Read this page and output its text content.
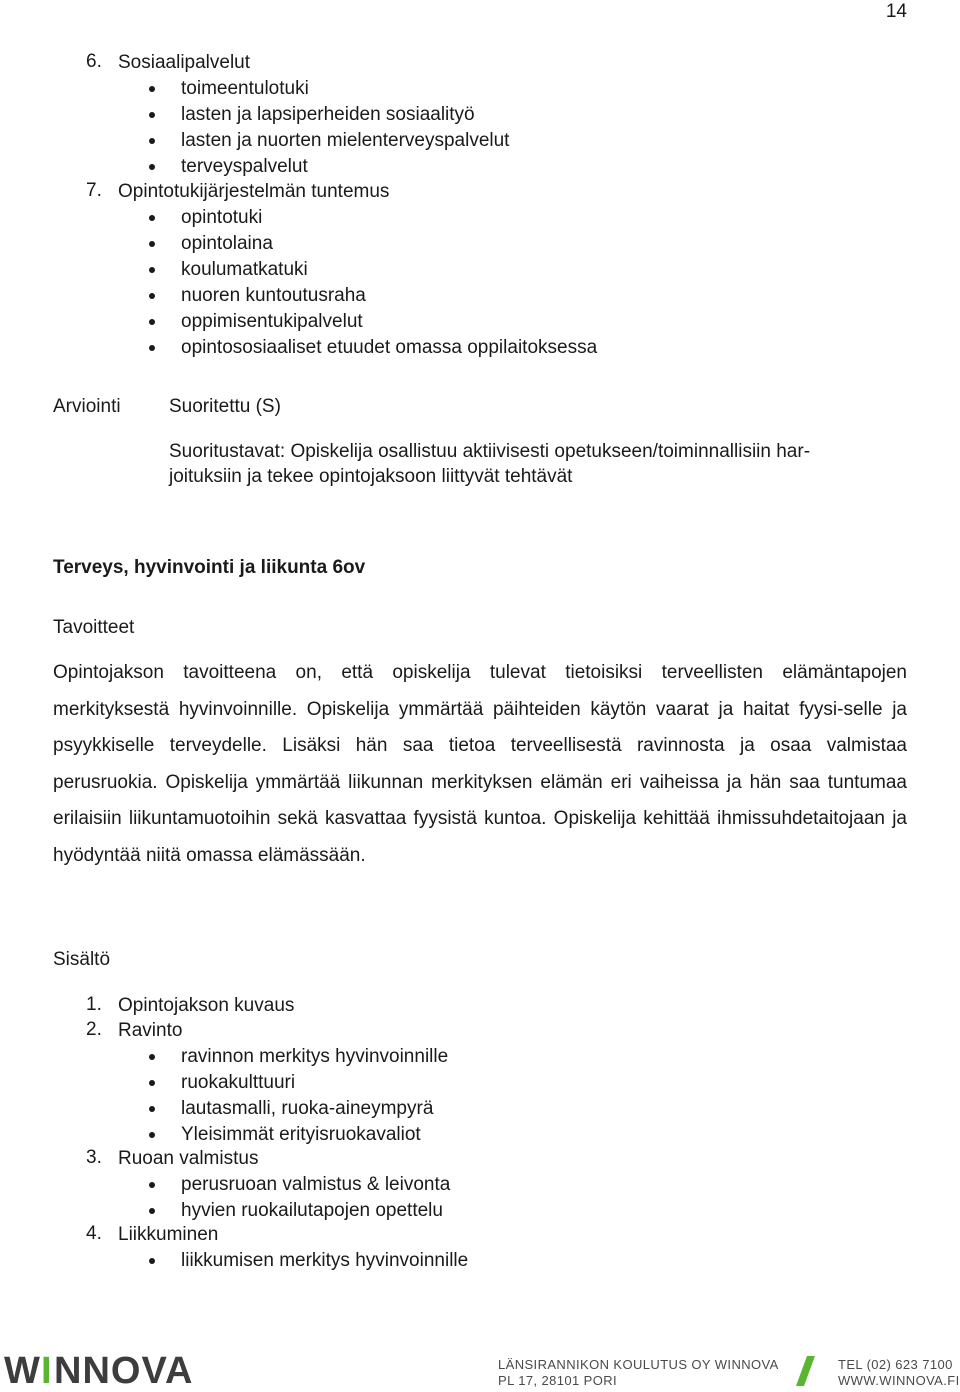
14
6. Sosiaalipalvelut
toimeentulotuki
lasten ja lapsiperheiden sosiaalityö
lasten ja nuorten mielenterveyspalvelut
terveyspalvelut
7. Opintotukijärjestelmän tuntemus
opintotuki
opintolaina
koulumatkatuki
nuoren kuntoutusraha
oppimisentukipalvelut
opintososiaaliset etuudet omassa oppilaitoksessa
Arviointi	Suoritettu (S)
Suoritustavat: Opiskelija osallistuu aktiivisesti opetukseen/toiminnallisiin har-
joituksiin ja tekee opintojaksoon liittyvät tehtävät
Terveys, hyvinvointi ja liikunta 6ov
Tavoitteet
Opintojakson tavoitteena on, että opiskelija tulevat tietoisiksi terveellisten elämäntapojen merkityksestä hyvinvoinnille. Opiskelija ymmärtää päihteiden käytön vaarat ja haitat fyysi-selle ja psyykkiselle terveydelle. Lisäksi hän saa tietoa terveellisestä ravinnosta ja osaa valmistaa perusruokia. Opiskelija ymmärtää liikunnan merkityksen elämän eri vaiheissa ja hän saa tuntumaa erilaisiin liikuntamuotoihin sekä kasvattaa fyysistä kuntoa. Opiskelija kehittää ihmissuhdetaitojaan ja hyödyntää niitä omassa elämässään.
Sisältö
1. Opintojakson kuvaus
2. Ravinto
ravinnon merkitys hyvinvoinnille
ruokakulttuuri
lautasmalli, ruoka-aineympyrä
Yleisimmät erityisruokavaliot
3. Ruoan valmistus
perusruoan valmistus & leivonta
hyvien ruokailutapojen opettelu
4. Liikkuminen
liikkumisen merkitys hyvinvoinnille
W I NNOVA	LÄNSIRANNIKON KOULUTUS OY WINNOVA
PL 17, 28101 PORI
TEL (02) 623 7100
WWW.WINNOVA.FI
